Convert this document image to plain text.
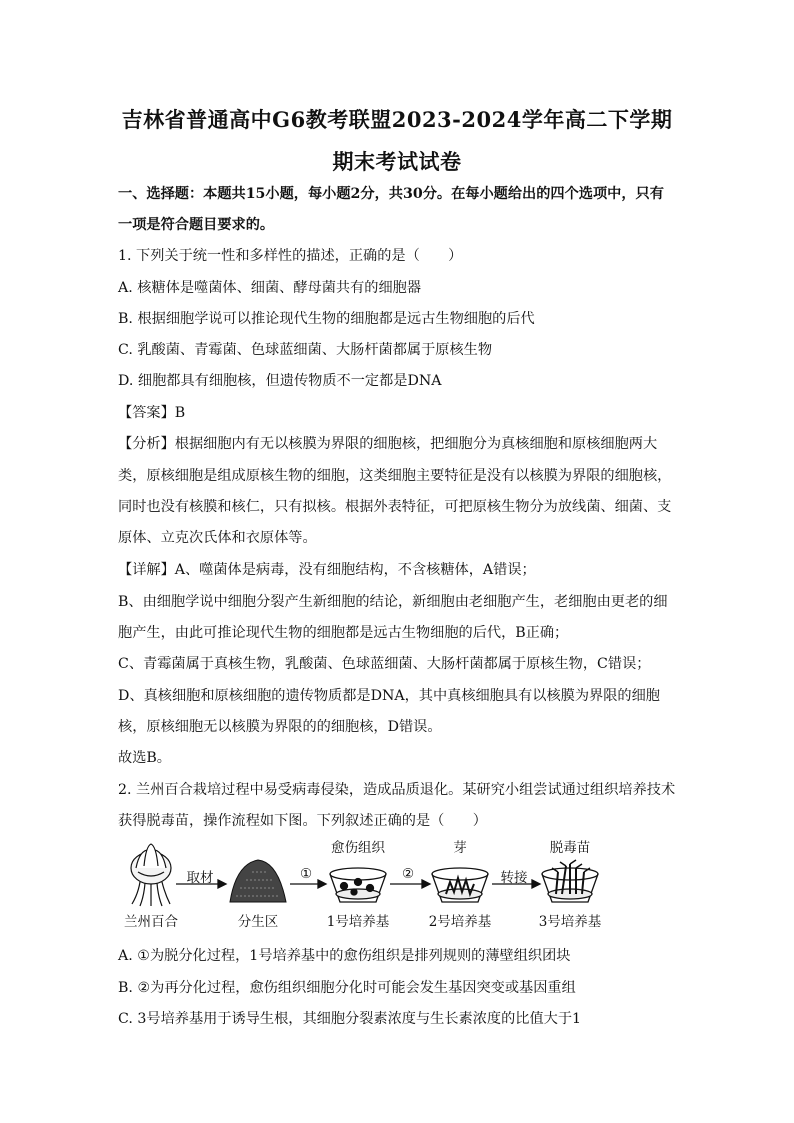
吉林省普通高中G6教考联盟2023-2024学年高二下学期
期末考试试卷
一、选择题：本题共15小题，每小题2分，共30分。在每小题给出的四个选项中，只有
一项是符合题目要求的。
1. 下列关于统一性和多样性的描述，正确的是（　　）
A. 核糖体是噬菌体、细菌、酵母菌共有的细胞器
B. 根据细胞学说可以推论现代生物的细胞都是远古生物细胞的后代
C. 乳酸菌、青霉菌、色球蓝细菌、大肠杆菌都属于原核生物
D. 细胞都具有细胞核，但遗传物质不一定都是DNA
【答案】B
【分析】根据细胞内有无以核膜为界限的细胞核，把细胞分为真核细胞和原核细胞两大
类，原核细胞是组成原核生物的细胞，这类细胞主要特征是没有以核膜为界限的细胞核，
同时也没有核膜和核仁，只有拟核。根据外表特征，可把原核生物分为放线菌、细菌、支
原体、立克次氏体和衣原体等。
【详解】A、噬菌体是病毒，没有细胞结构，不含核糖体，A错误；
B、由细胞学说中细胞分裂产生新细胞的结论，新细胞由老细胞产生，老细胞由更老的细
胞产生，由此可推论现代生物的细胞都是远古生物细胞的后代，B正确；
C、青霉菌属于真核生物，乳酸菌、色球蓝细菌、大肠杆菌都属于原核生物，C错误；
D、真核细胞和原核细胞的遗传物质都是DNA，其中真核细胞具有以核膜为界限的细胞
核，原核细胞无以核膜为界限的的细胞核，D错误。
故选B。
2. 兰州百合栽培过程中易受病毒侵染，造成品质退化。某研究小组尝试通过组织培养技术
获得脱毒苗，操作流程如下图。下列叙述正确的是（　　）
愈伤组织	芽	脱毒苗
取材	①	②	转接
兰州百合	分生区	1号培养基	2号培养基	3号培养基
A. ①为脱分化过程，1号培养基中的愈伤组织是排列规则的薄壁组织团块
B. ②为再分化过程，愈伤组织细胞分化时可能会发生基因突变或基因重组
C. 3号培养基用于诱导生根，其细胞分裂素浓度与生长素浓度的比值大于1
